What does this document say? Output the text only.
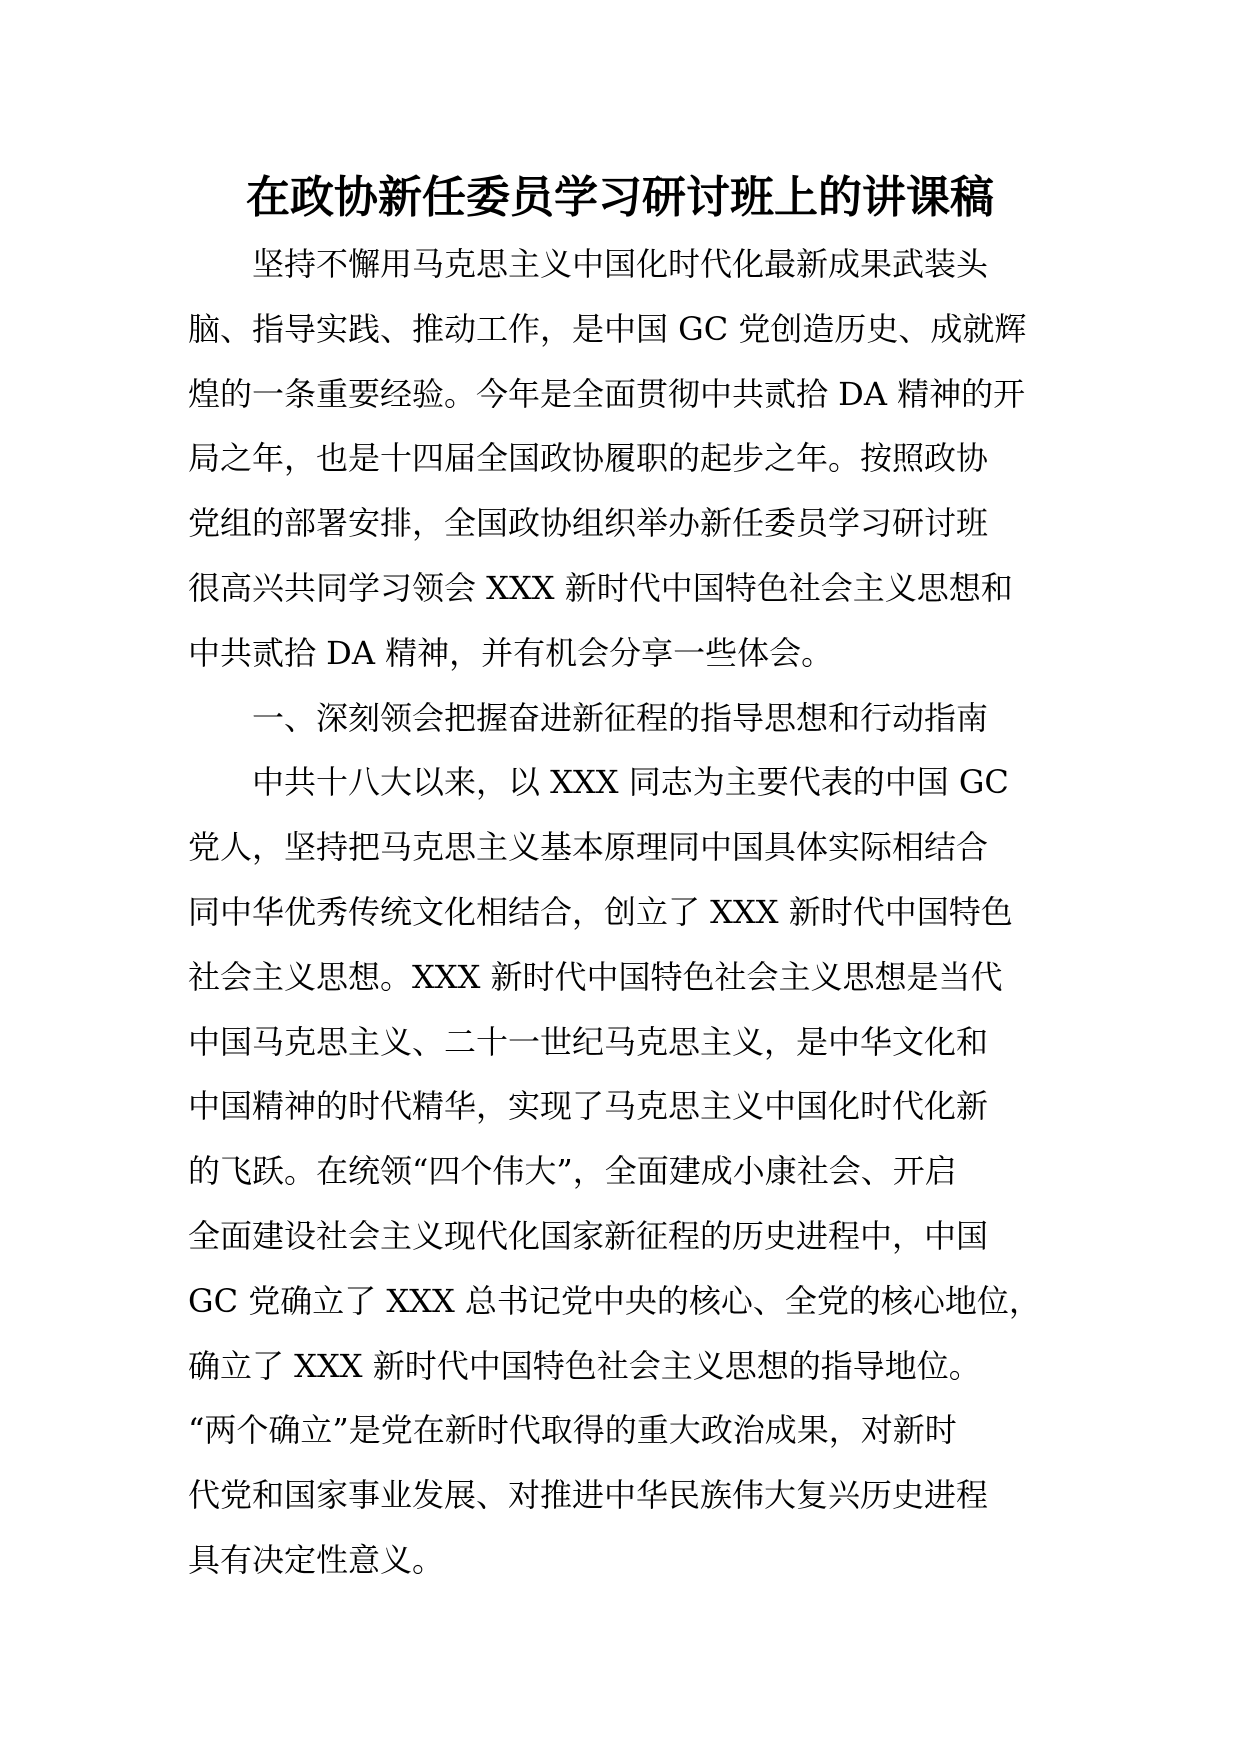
在政协新任委员学习研讨班上的讲课稿
坚持不懈用马克思主义中国化时代化最新成果武装头
脑、指导实践、推动工作，是中国 GC 党创造历史、成就辉
煌的一条重要经验。今年是全面贯彻中共贰拾 DA 精神的开
局之年，也是十四届全国政协履职的起步之年。按照政协
党组的部署安排，全国政协组织举办新任委员学习研讨班
很高兴共同学习领会 XXX 新时代中国特色社会主义思想和
中共贰拾 DA 精神，并有机会分享一些体会。
一、深刻领会把握奋进新征程的指导思想和行动指南
中共十八大以来，以 XXX 同志为主要代表的中国 GC
党人，坚持把马克思主义基本原理同中国具体实际相结合
同中华优秀传统文化相结合，创立了 XXX 新时代中国特色
社会主义思想。XXX 新时代中国特色社会主义思想是当代
中国马克思主义、二十一世纪马克思主义，是中华文化和
中国精神的时代精华，实现了马克思主义中国化时代化新
的飞跃。在统领“四个伟大”，全面建成小康社会、开启
全面建设社会主义现代化国家新征程的历史进程中，中国
GC 党确立了 XXX 总书记党中央的核心、全党的核心地位，
确立了 XXX 新时代中国特色社会主义思想的指导地位。
“两个确立”是党在新时代取得的重大政治成果，对新时
代党和国家事业发展、对推进中华民族伟大复兴历史进程
具有决定性意义。
